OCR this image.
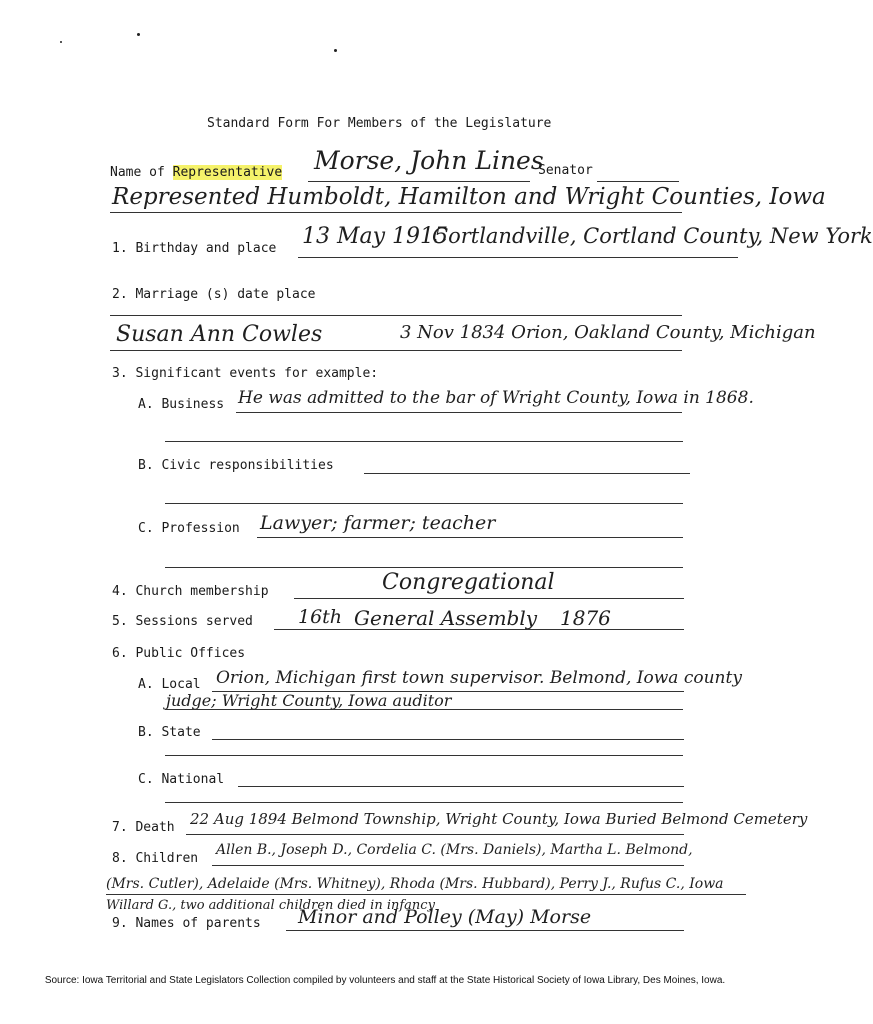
Standard Form For Members of the Legislature
Name of Representative Morse, John Lines
Senator
Represented Humboldt, Hamilton and Wright Counties, Iowa
1. Birthday and place 13 May 1915
Cortlandville, Cortland County, New York
2. Marriage (s) date place
Susan Ann Cowles	3 Nov 1834 Orion, Oakland County, Michigan
3. Significant events for example:
A. Business He was admitted to the bar of Wright County, Iowa in 1868.
B. Civic responsibilities
C. Profession Lawyer; farmer; teacher
4. Church membership	Congregational
5. Sessions served 16th General Assembly 1876
6. Public Offices
A. Local Orion, Michigan first town supervisor. Belmond, Iowa county
judge; Wright County, Iowa auditor
B. State
C. National
7. Death 22 Aug 1894 Belmond Township, Wright County, Iowa Buried Belmond Cemetery
8. Children
Allen B., Joseph D., Cordelia C. (Mrs. Daniels), Martha L. Belmond,
(Mrs. Cutler), Adelaide (Mrs. Whitney), Rhoda (Mrs. Hubbard), Perry J., Rufus C., Iowa
Willard G., two additional children died in infancy
9. Names of parents Minor and Polley (May) Morse
Source: Iowa Territorial and State Legislators Collection compiled by volunteers and staff at the State Historical Society of Iowa Library, Des Moines, Iowa.
